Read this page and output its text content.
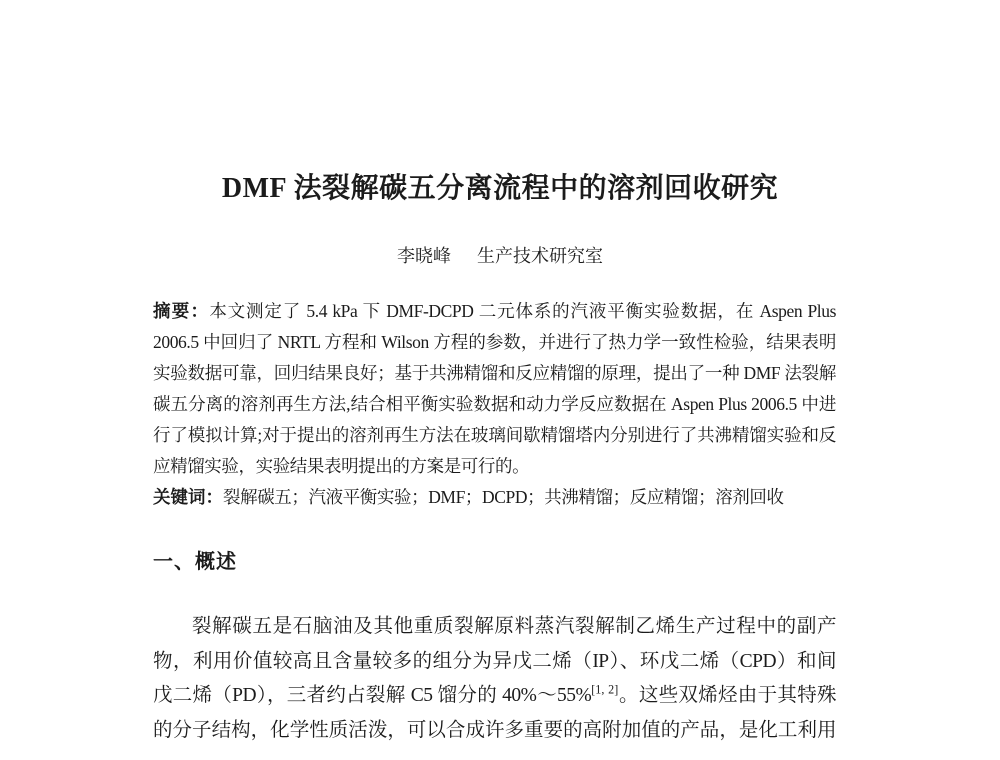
DMF 法裂解碳五分离流程中的溶剂回收研究
李晓峰 生产技术研究室
摘要：本文测定了 5.4 kPa 下 DMF-DCPD 二元体系的汽液平衡实验数据，在 Aspen Plus
2006.5 中回归了 NRTL 方程和 Wilson 方程的参数，并进行了热力学一致性检验，结果表明
实验数据可靠，回归结果良好；基于共沸精馏和反应精馏的原理，提出了一种 DMF 法裂解
碳五分离的溶剂再生方法,结合相平衡实验数据和动力学反应数据在 Aspen Plus 2006.5 中进
行了模拟计算;对于提出的溶剂再生方法在玻璃间歇精馏塔内分别进行了共沸精馏实验和反
应精馏实验，实验结果表明提出的方案是可行的。
关键词：裂解碳五；汽液平衡实验；DMF；DCPD；共沸精馏；反应精馏；溶剂回收
一、概述
裂解碳五是石脑油及其他重质裂解原料蒸汽裂解制乙烯生产过程中的副产
物，利用价值较高且含量较多的组分为异戊二烯（IP）、环戊二烯（CPD）和间
戊二烯（PD），三者约占裂解 C5 馏分的 40%～55%[1, 2]。这些双烯烃由于其特殊
的分子结构，化学性质活泼，可以合成许多重要的高附加值的产品，是化工利用
